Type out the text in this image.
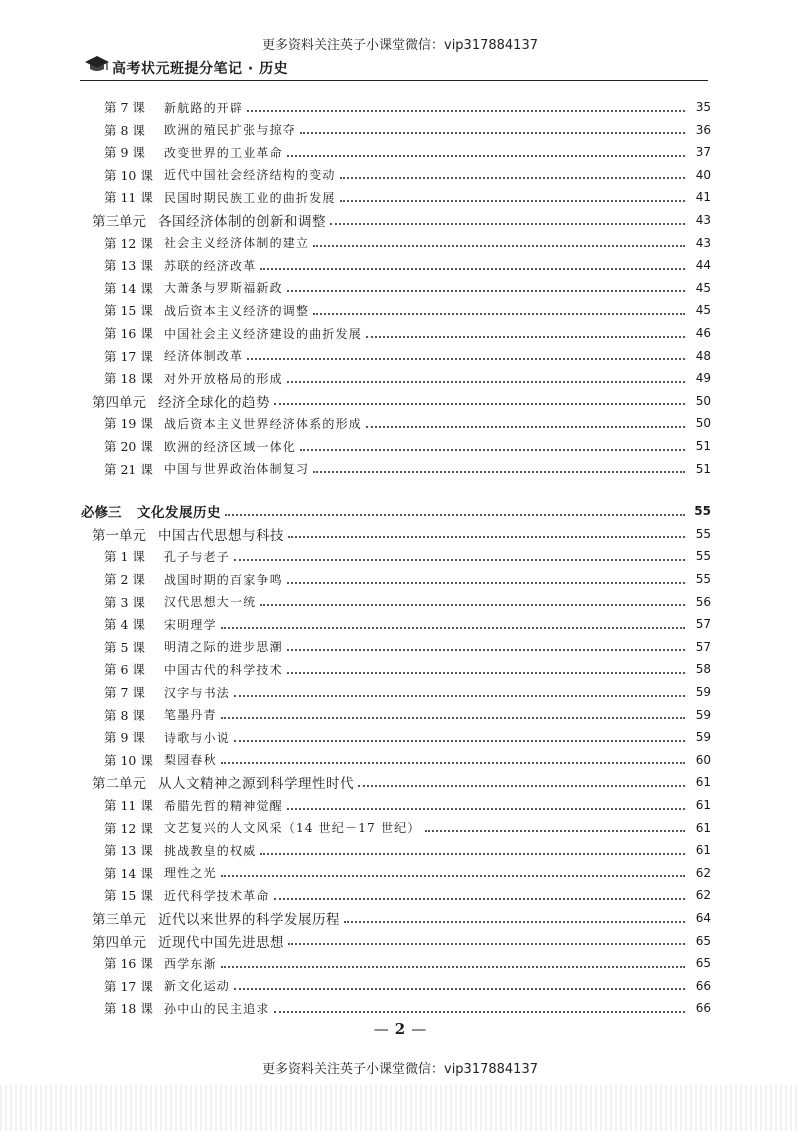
更多资料关注英子小课堂微信：vip317884137
高考状元班提分笔记 · 历史
第 7 课	新航路的开辟	35
第 8 课	欧洲的殖民扩张与掠夺	36
第 9 课	改变世界的工业革命	37
第 10 课 近代中国社会经济结构的变动	40
第 11 课 民国时期民族工业的曲折发展	41
第三单元 各国经济体制的创新和调整	43
第 12 课 社会主义经济体制的建立	43
第 13 课 苏联的经济改革	44
第 14 课 大萧条与罗斯福新政	45
第 15 课 战后资本主义经济的调整	45
第 16 课 中国社会主义经济建设的曲折发展	46
第 17 课 经济体制改革	48
第 18 课 对外开放格局的形成	49
第四单元 经济全球化的趋势	50
第 19 课 战后资本主义世界经济体系的形成	50
第 20 课 欧洲的经济区域一体化	51
第 21 课 中国与世界政治体制复习	51
必修三	文化发展历史	55
第一单元 中国古代思想与科技	55
第 1 课	孔子与老子	55
第 2 课	战国时期的百家争鸣	55
第 3 课	汉代思想大一统	56
第 4 课	宋明理学	57
第 5 课	明清之际的进步思潮	57
第 6 课	中国古代的科学技术	58
第 7 课	汉字与书法	59
第 8 课	笔墨丹青	59
第 9 课	诗歌与小说	59
第 10 课 梨园春秋	60
第二单元 从人文精神之源到科学理性时代	61
第 11 课 希腊先哲的精神觉醒	61
第 12 课 文艺复兴的人文风采（14 世纪－17 世纪）	61
第 13 课 挑战教皇的权威	61
第 14 课 理性之光	62
第 15 课 近代科学技术革命	62
第三单元 近代以来世界的科学发展历程	64
第四单元 近现代中国先进思想	65
第 16 课 西学东渐	65
第 17 课 新文化运动	66
第 18 课 孙中山的民主追求	66
— 2 —
更多资料关注英子小课堂微信：vip317884137
